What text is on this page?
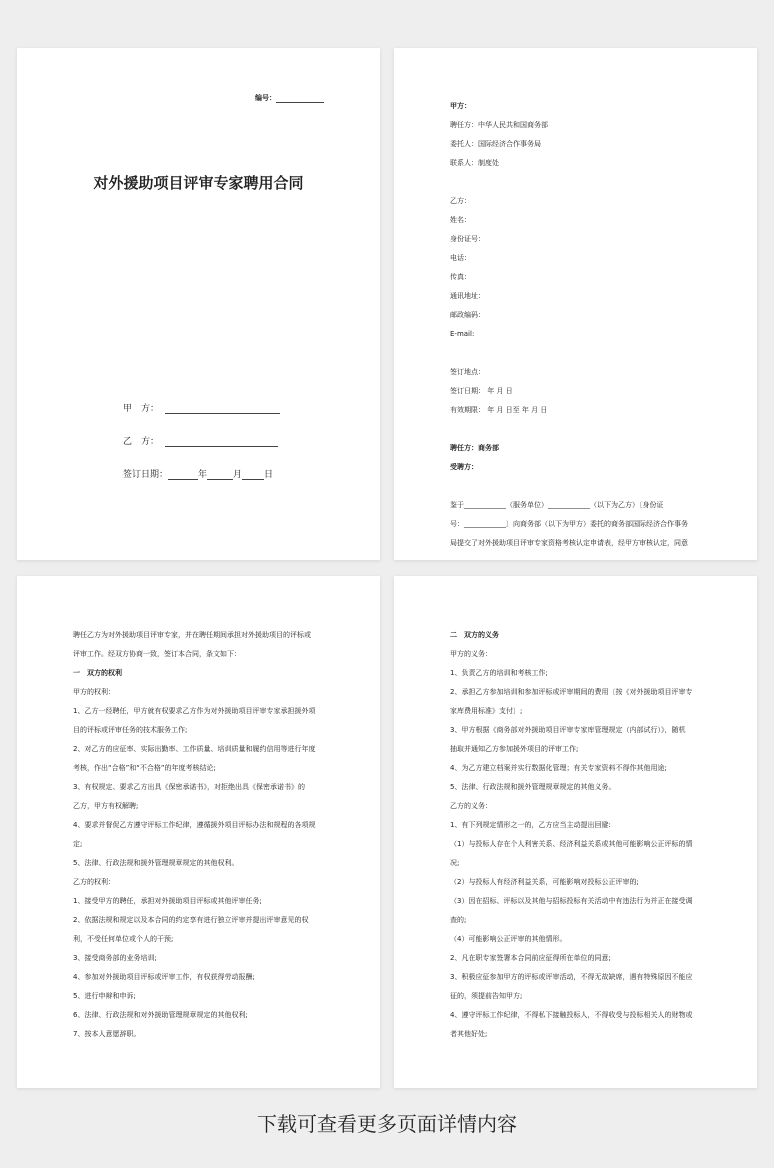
编号：
对外援助项目评审专家聘用合同
甲　方：
乙　方：
签订日期：	年	月 日
甲方：
聘任方：中华人民共和国商务部
委托人：国际经济合作事务局
联系人：制度处
乙方：
姓名：
身份证号：
电话：
传真：
通讯地址：
邮政编码：
E-mail:
签订地点：
签订日期： 年 月 日
有效期限： 年 月 日至 年 月 日
聘任方：商务部
受聘方：
鉴于____________（服务单位）____________（以下为乙方）〔身份证
号：____________〕向商务部（以下为甲方）委托的商务部国际经济合作事务
局提交了对外援助项目评审专家资格考核认定申请表，经甲方审核认定，同意
聘任乙方为对外援助项目评审专家，并在聘任期间承担对外援助项目的评标或
评审工作。经双方协商一致，签订本合同，条文如下：
一　双方的权利
甲方的权利：
1、乙方一经聘任，甲方就有权要求乙方作为对外援助项目评审专家承担援外项
目的评标或评审任务的技术服务工作;
2、对乙方的应征率、实际出勤率、工作质量、培训质量和履约信用等进行年度
考核，作出“合格”和“不合格”的年度考核结论;
3、有权规定、要求乙方出具《保密承诺书》，对拒绝出具《保密承诺书》的
乙方，甲方有权解聘;
4、要求并督促乙方遵守评标工作纪律，遵循援外项目评标办法和规程的各项规
定;
5、法律、行政法规和援外管理规章规定的其他权利。
乙方的权利：
1、接受甲方的聘任，承担对外援助项目评标或其他评审任务;
2、依据法规和规定以及本合同的约定享有进行独立评审并提出评审意见的权
利，不受任何单位或个人的干预;
3、接受商务部的业务培训;
4、参加对外援助项目评标或评审工作，有权获得劳动报酬;
5、进行申辩和申诉;
6、法律、行政法规和对外援助管理规章规定的其他权利;
7、按本人意愿辞职。
二　双方的义务
甲方的义务：
1、负责乙方的培训和考核工作;
2、承担乙方参加培训和参加评标或评审期间的费用〔按《对外援助项目评审专
家库费用标准》支付〕;
3、甲方根据《商务部对外援助项目评审专家库管理规定（内部试行）》，随机
抽取并通知乙方参加援外项目的评审工作;
4、为乙方建立档案并实行数据化管理；有关专家资料不得作其他用途;
5、法律、行政法规和援外管理规章规定的其他义务。
乙方的义务：
1、有下列规定情形之一的，乙方应当主动提出回避:
（1）与投标人存在个人利害关系、经济利益关系或其他可能影响公正评标的情
况;
（2）与投标人有经济利益关系，可能影响对投标公正评审的;
（3）因在招标、评标以及其他与招标投标有关活动中有违法行为并正在接受调
查的;
（4）可能影响公正评审的其他情形。
2、凡在职专家签署本合同前应征得所在单位的同意;
3、积极应征参加甲方的评标或评审活动，不得无故缺席，遇有特殊原因不能应
征的，须提前告知甲方;
4、遵守评标工作纪律，不得私下接触投标人，不得收受与投标相关人的财物或
者其他好处;
下载可查看更多页面详情内容
